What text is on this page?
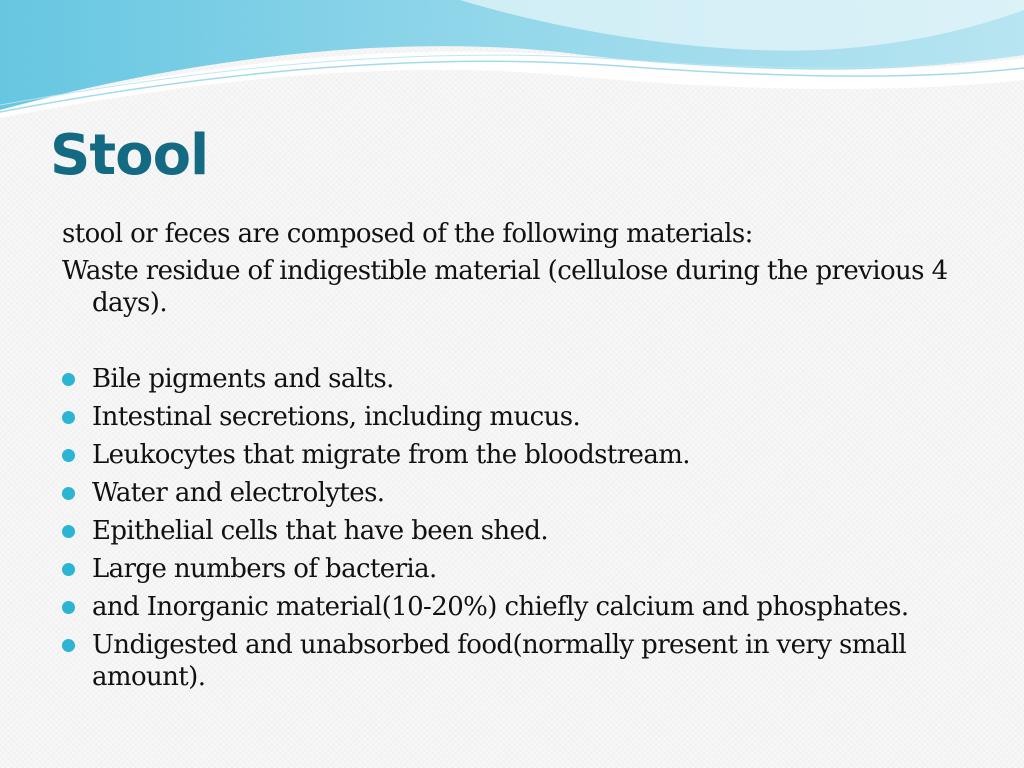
Stool

stool or feces are composed of the following materials:

Waste residue of indigestible material (cellulose during the previous 4 days).

Bile pigments and salts.
Intestinal secretions, including mucus.
Leukocytes that migrate from the bloodstream.
Water and electrolytes.
Epithelial cells that have been shed.
Large numbers of bacteria.
and Inorganic material(10-20%) chiefly calcium and phosphates.
Undigested and unabsorbed food(normally present in very small amount).
